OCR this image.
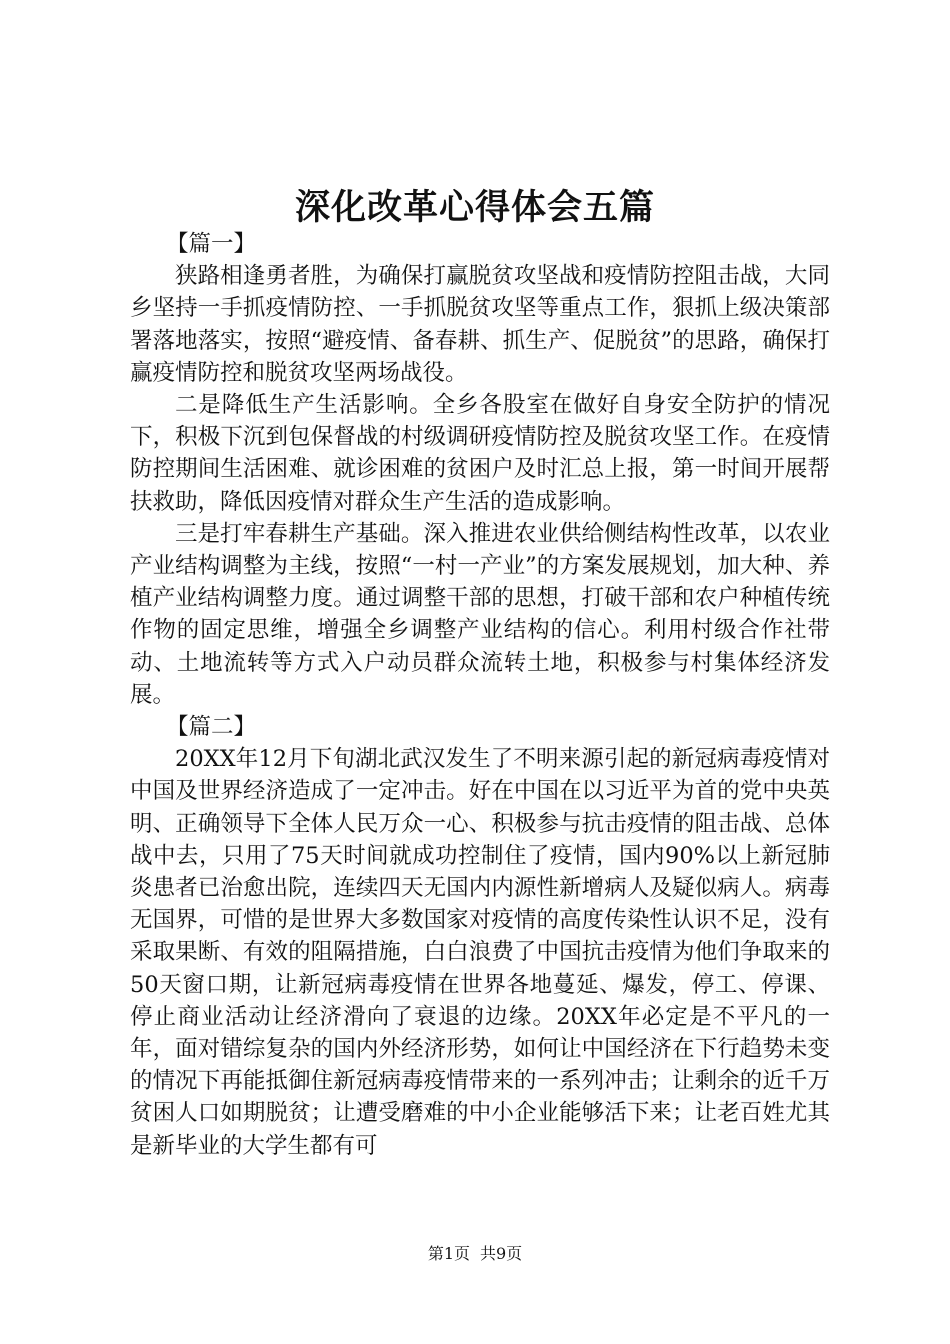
深化改革心得体会五篇

【篇一】

狭路相逢勇者胜，为确保打赢脱贫攻坚战和疫情防控阻击战，大同乡坚持一手抓疫情防控、一手抓脱贫攻坚等重点工作，狠抓上级决策部署落地落实，按照“避疫情、备春耕、抓生产、促脱贫”的思路，确保打赢疫情防控和脱贫攻坚两场战役。

二是降低生产生活影响。全乡各股室在做好自身安全防护的情况下，积极下沉到包保督战的村级调研疫情防控及脱贫攻坚工作。在疫情防控期间生活困难、就诊困难的贫困户及时汇总上报，第一时间开展帮扶救助，降低因疫情对群众生产生活的造成影响。

三是打牢春耕生产基础。深入推进农业供给侧结构性改革，以农业产业结构调整为主线，按照“一村一产业”的方案发展规划，加大种、养植产业结构调整力度。通过调整干部的思想，打破干部和农户种植传统作物的固定思维，增强全乡调整产业结构的信心。利用村级合作社带动、土地流转等方式入户动员群众流转土地，积极参与村集体经济发展。

【篇二】

20XX年12月下旬湖北武汉发生了不明来源引起的新冠病毒疫情对中国及世界经济造成了一定冲击。好在中国在以习近平为首的党中央英明、正确领导下全体人民万众一心、积极参与抗击疫情的阻击战、总体战中去，只用了75天时间就成功控制住了疫情，国内90%以上新冠肺炎患者已治愈出院，连续四天无国内内源性新增病人及疑似病人。病毒无国界，可惜的是世界大多数国家对疫情的高度传染性认识不足，没有采取果断、有效的阻隔措施，白白浪费了中国抗击疫情为他们争取来的50天窗口期，让新冠病毒疫情在世界各地蔓延、爆发，停工、停课、停止商业活动让经济滑向了衰退的边缘。20XX年必定是不平凡的一年，面对错综复杂的国内外经济形势，如何让中国经济在下行趋势未变的情况下再能抵御住新冠病毒疫情带来的一系列冲击；让剩余的近千万贫困人口如期脱贫；让遭受磨难的中小企业能够活下来；让老百姓尤其是新毕业的大学生都有可

第1页 共9页
